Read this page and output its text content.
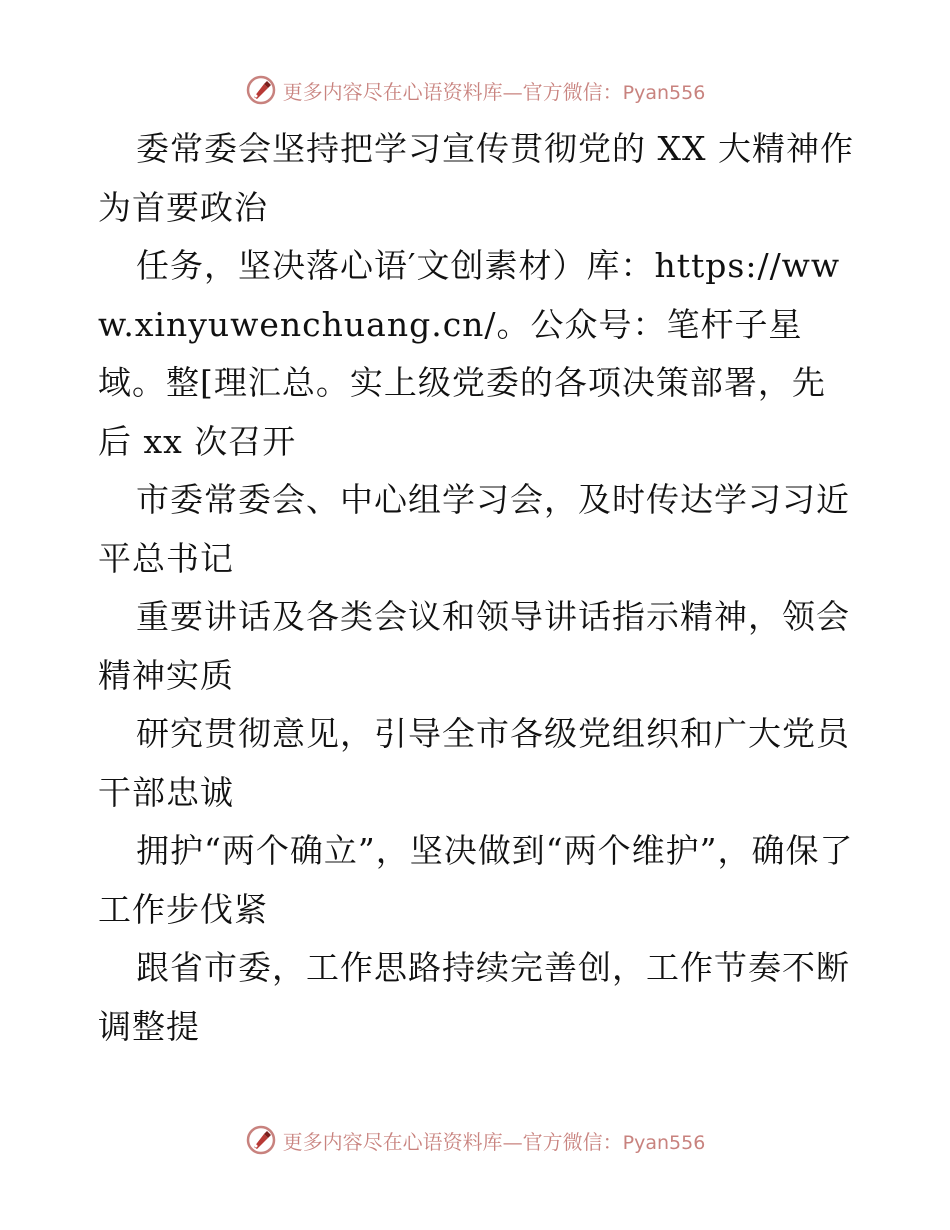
更多内容尽在心语资料库—官方微信：Pyan556

委常委会坚持把学习宣传贯彻党的 XX 大精神作为首要政治

任务，坚决落心语′文创素材）库：https://www.xinyuwenchuang.cn/。公众号：笔杆子星域。整[理汇总。实上级党委的各项决策部署，先后 xx 次召开

市委常委会、中心组学习会，及时传达学习习近平总书记

重要讲话及各类会议和领导讲话指示精神，领会精神实质

研究贯彻意见，引导全市各级党组织和广大党员干部忠诚

拥护“两个确立”，坚决做到“两个维护”，确保了工作步伐紧

跟省市委，工作思路持续完善创，工作节奏不断调整提

更多内容尽在心语资料库—官方微信：Pyan556
